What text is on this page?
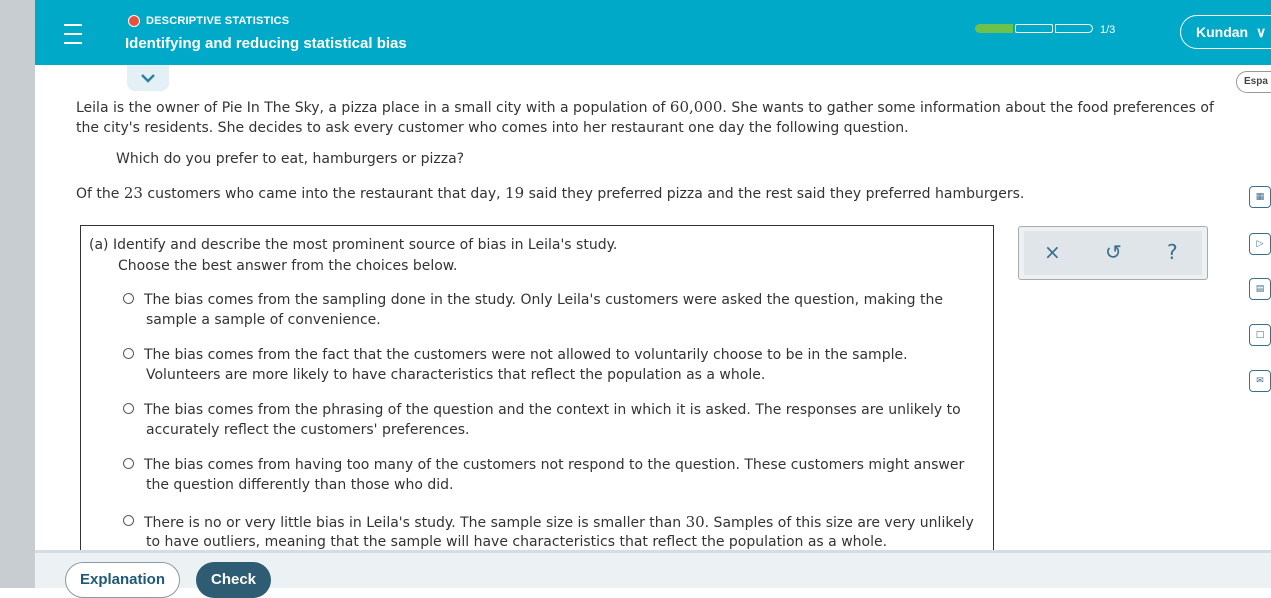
DESCRIPTIVE STATISTICS
Identifying and reducing statistical bias
1/3	Kundan ∨
Espa
Leila is the owner of Pie In The Sky, a pizza place in a small city with a population of 60,000. She wants to gather some information about the food preferences of the city's residents. She decides to ask every customer who comes into her restaurant one day the following question.
Which do you prefer to eat, hamburgers or pizza?
Of the 23 customers who came into the restaurant that day, 19 said they preferred pizza and the rest said they preferred hamburgers.
(a) Identify and describe the most prominent source of bias in Leila's study.
Choose the best answer from the choices below.
The bias comes from the sampling done in the study. Only Leila's customers were asked the question, making the
sample a sample of convenience.
The bias comes from the fact that the customers were not allowed to voluntarily choose to be in the sample.
Volunteers are more likely to have characteristics that reflect the population as a whole.
The bias comes from the phrasing of the question and the context in which it is asked. The responses are unlikely to
accurately reflect the customers' preferences.
The bias comes from having too many of the customers not respond to the question. These customers might answer
the question differently than those who did.
There is no or very little bias in Leila's study. The sample size is smaller than 30. Samples of this size are very unlikely
to have outliers, meaning that the sample will have characteristics that reflect the population as a whole.
× ↺ ?
▦
▷
▤
□
✉
Explanation	Check
